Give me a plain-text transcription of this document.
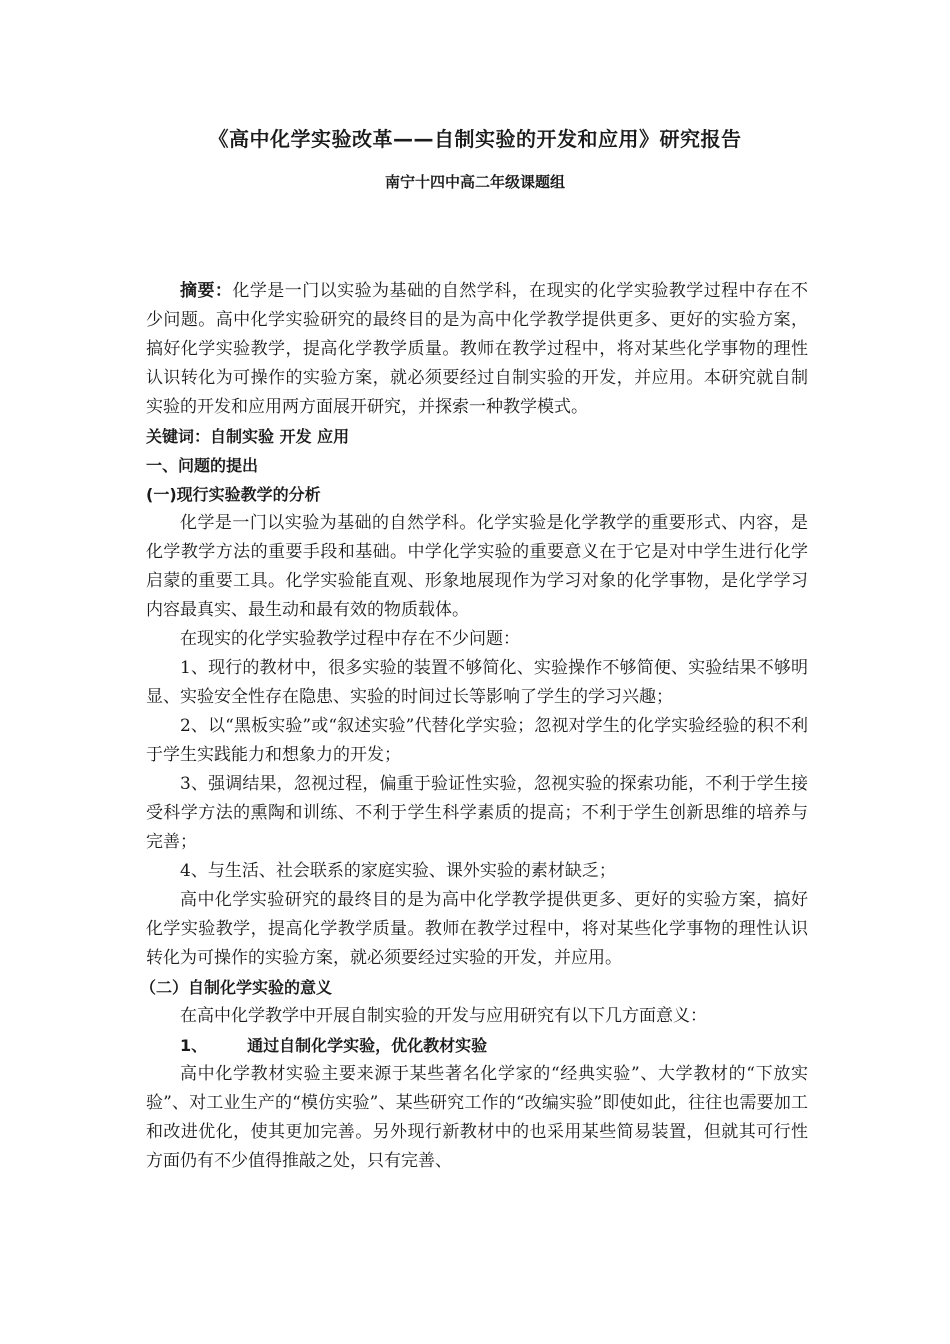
《高中化学实验改革——自制实验的开发和应用》研究报告
南宁十四中高二年级课题组

摘要：化学是一门以实验为基础的自然学科，在现实的化学实验教学过程中存在不少问题。高中化学实验研究的最终目的是为高中化学教学提供更多、更好的实验方案，搞好化学实验教学，提高化学教学质量。教师在教学过程中，将对某些化学事物的理性认识转化为可操作的实验方案，就必须要经过自制实验的开发，并应用。本研究就自制实验的开发和应用两方面展开研究，并探索一种教学模式。

关键词：自制实验 开发 应用

一、问题的提出

(一)现行实验教学的分析

化学是一门以实验为基础的自然学科。化学实验是化学教学的重要形式、内容，是化学教学方法的重要手段和基础。中学化学实验的重要意义在于它是对中学生进行化学启蒙的重要工具。化学实验能直观、形象地展现作为学习对象的化学事物，是化学学习内容最真实、最生动和最有效的物质载体。

在现实的化学实验教学过程中存在不少问题：

1、现行的教材中，很多实验的装置不够简化、实验操作不够简便、实验结果不够明显、实验安全性存在隐患、实验的时间过长等影响了学生的学习兴趣；

2、以“黑板实验”或“叙述实验”代替化学实验；忽视对学生的化学实验经验的积不利于学生实践能力和想象力的开发；

3、强调结果，忽视过程，偏重于验证性实验，忽视实验的探索功能，不利于学生接受科学方法的熏陶和训练、不利于学生科学素质的提高；不利于学生创新思维的培养与完善；

4、与生活、社会联系的家庭实验、课外实验的素材缺乏；

高中化学实验研究的最终目的是为高中化学教学提供更多、更好的实验方案，搞好化学实验教学，提高化学教学质量。教师在教学过程中，将对某些化学事物的理性认识转化为可操作的实验方案，就必须要经过实验的开发，并应用。

（二）自制化学实验的意义

在高中化学教学中开展自制实验的开发与应用研究有以下几方面意义：

1、	通过自制化学实验，优化教材实验

高中化学教材实验主要来源于某些著名化学家的“经典实验”、大学教材的“下放实验”、对工业生产的“模仿实验”、某些研究工作的“改编实验”即使如此，往往也需要加工和改进优化，使其更加完善。另外现行新教材中的也采用某些简易装置，但就其可行性方面仍有不少值得推敲之处，只有完善、
